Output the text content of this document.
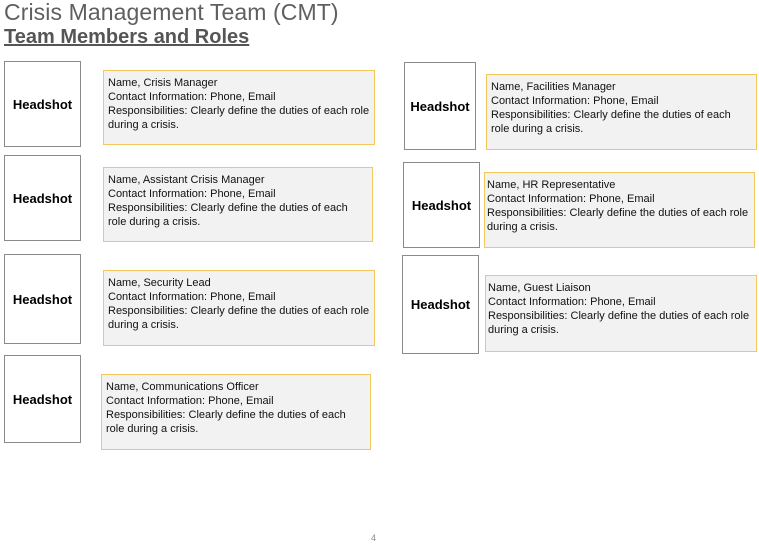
Crisis Management Team (CMT)
Team Members and Roles
Headshot
Name, Crisis Manager
Contact Information: Phone, Email
Responsibilities: Clearly define the duties of each role during a crisis.
Headshot
Name, Assistant Crisis Manager
Contact Information: Phone, Email
Responsibilities: Clearly define the duties of each role during a crisis.
Headshot
Name, Security Lead
Contact Information: Phone, Email
Responsibilities: Clearly define the duties of each role during a crisis.
Headshot
Name, Communications Officer
Contact Information: Phone, Email
Responsibilities: Clearly define the duties of each role during a crisis.
Headshot
Name, Facilities Manager
Contact Information: Phone, Email
Responsibilities: Clearly define the duties of each role during a crisis.
Headshot
Name, HR Representative
Contact Information: Phone, Email
Responsibilities: Clearly define the duties of each role during a crisis.
Headshot
Name, Guest Liaison
Contact Information: Phone, Email
Responsibilities: Clearly define the duties of each role during a crisis.
4
